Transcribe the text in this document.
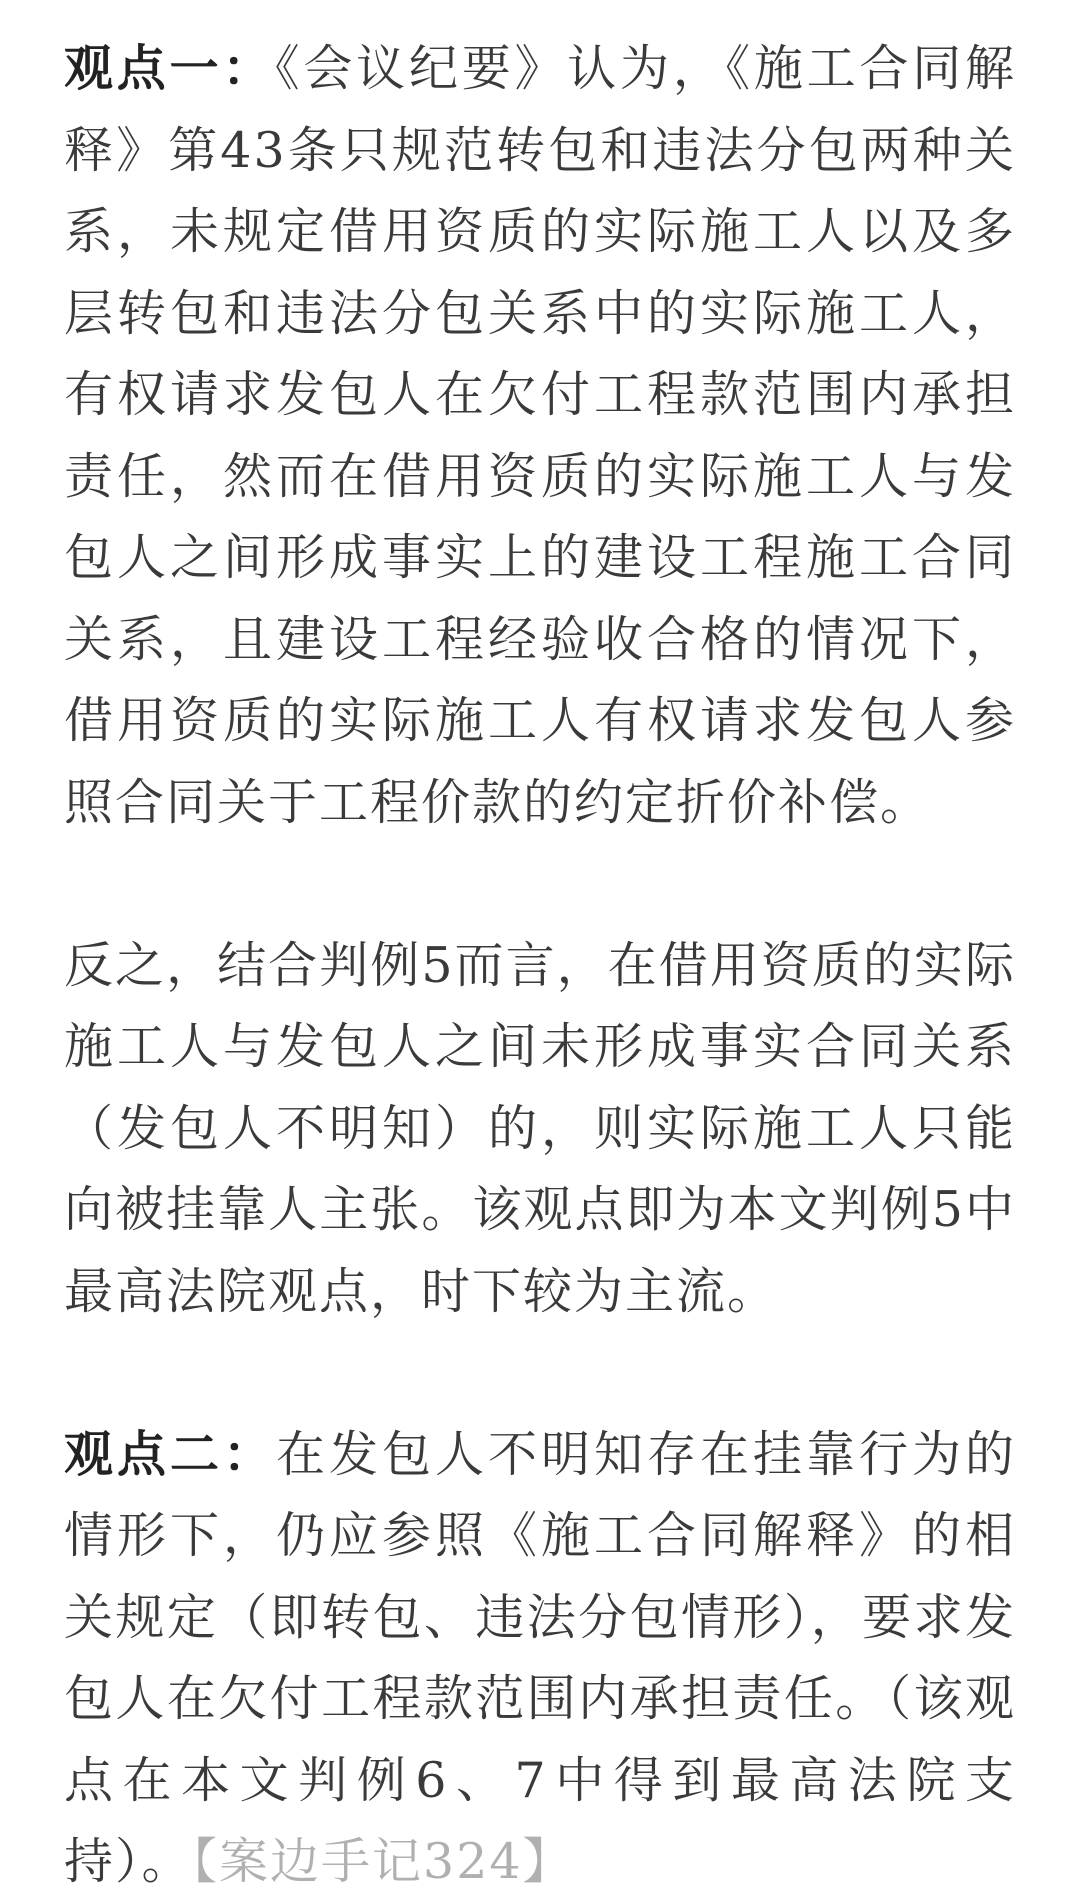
观点一：《会议纪要》认为，《施工合同解释》第43条只规范转包和违法分包两种关系，未规定借用资质的实际施工人以及多层转包和违法分包关系中的实际施工人，有权请求发包人在欠付工程款范围内承担责任，然而在借用资质的实际施工人与发包人之间形成事实上的建设工程施工合同关系，且建设工程经验收合格的情况下，借用资质的实际施工人有权请求发包人参照合同关于工程价款的约定折价补偿。

反之，结合判例5而言，在借用资质的实际施工人与发包人之间未形成事实合同关系（发包人不明知）的，则实际施工人只能向被挂靠人主张。该观点即为本文判例5中最高法院观点，时下较为主流。

观点二：在发包人不明知存在挂靠行为的情形下，仍应参照《施工合同解释》的相关规定（即转包、违法分包情形），要求发包人在欠付工程款范围内承担责任。（该观点在本文判例6、7中得到最高法院支持）。【案边手记324】
